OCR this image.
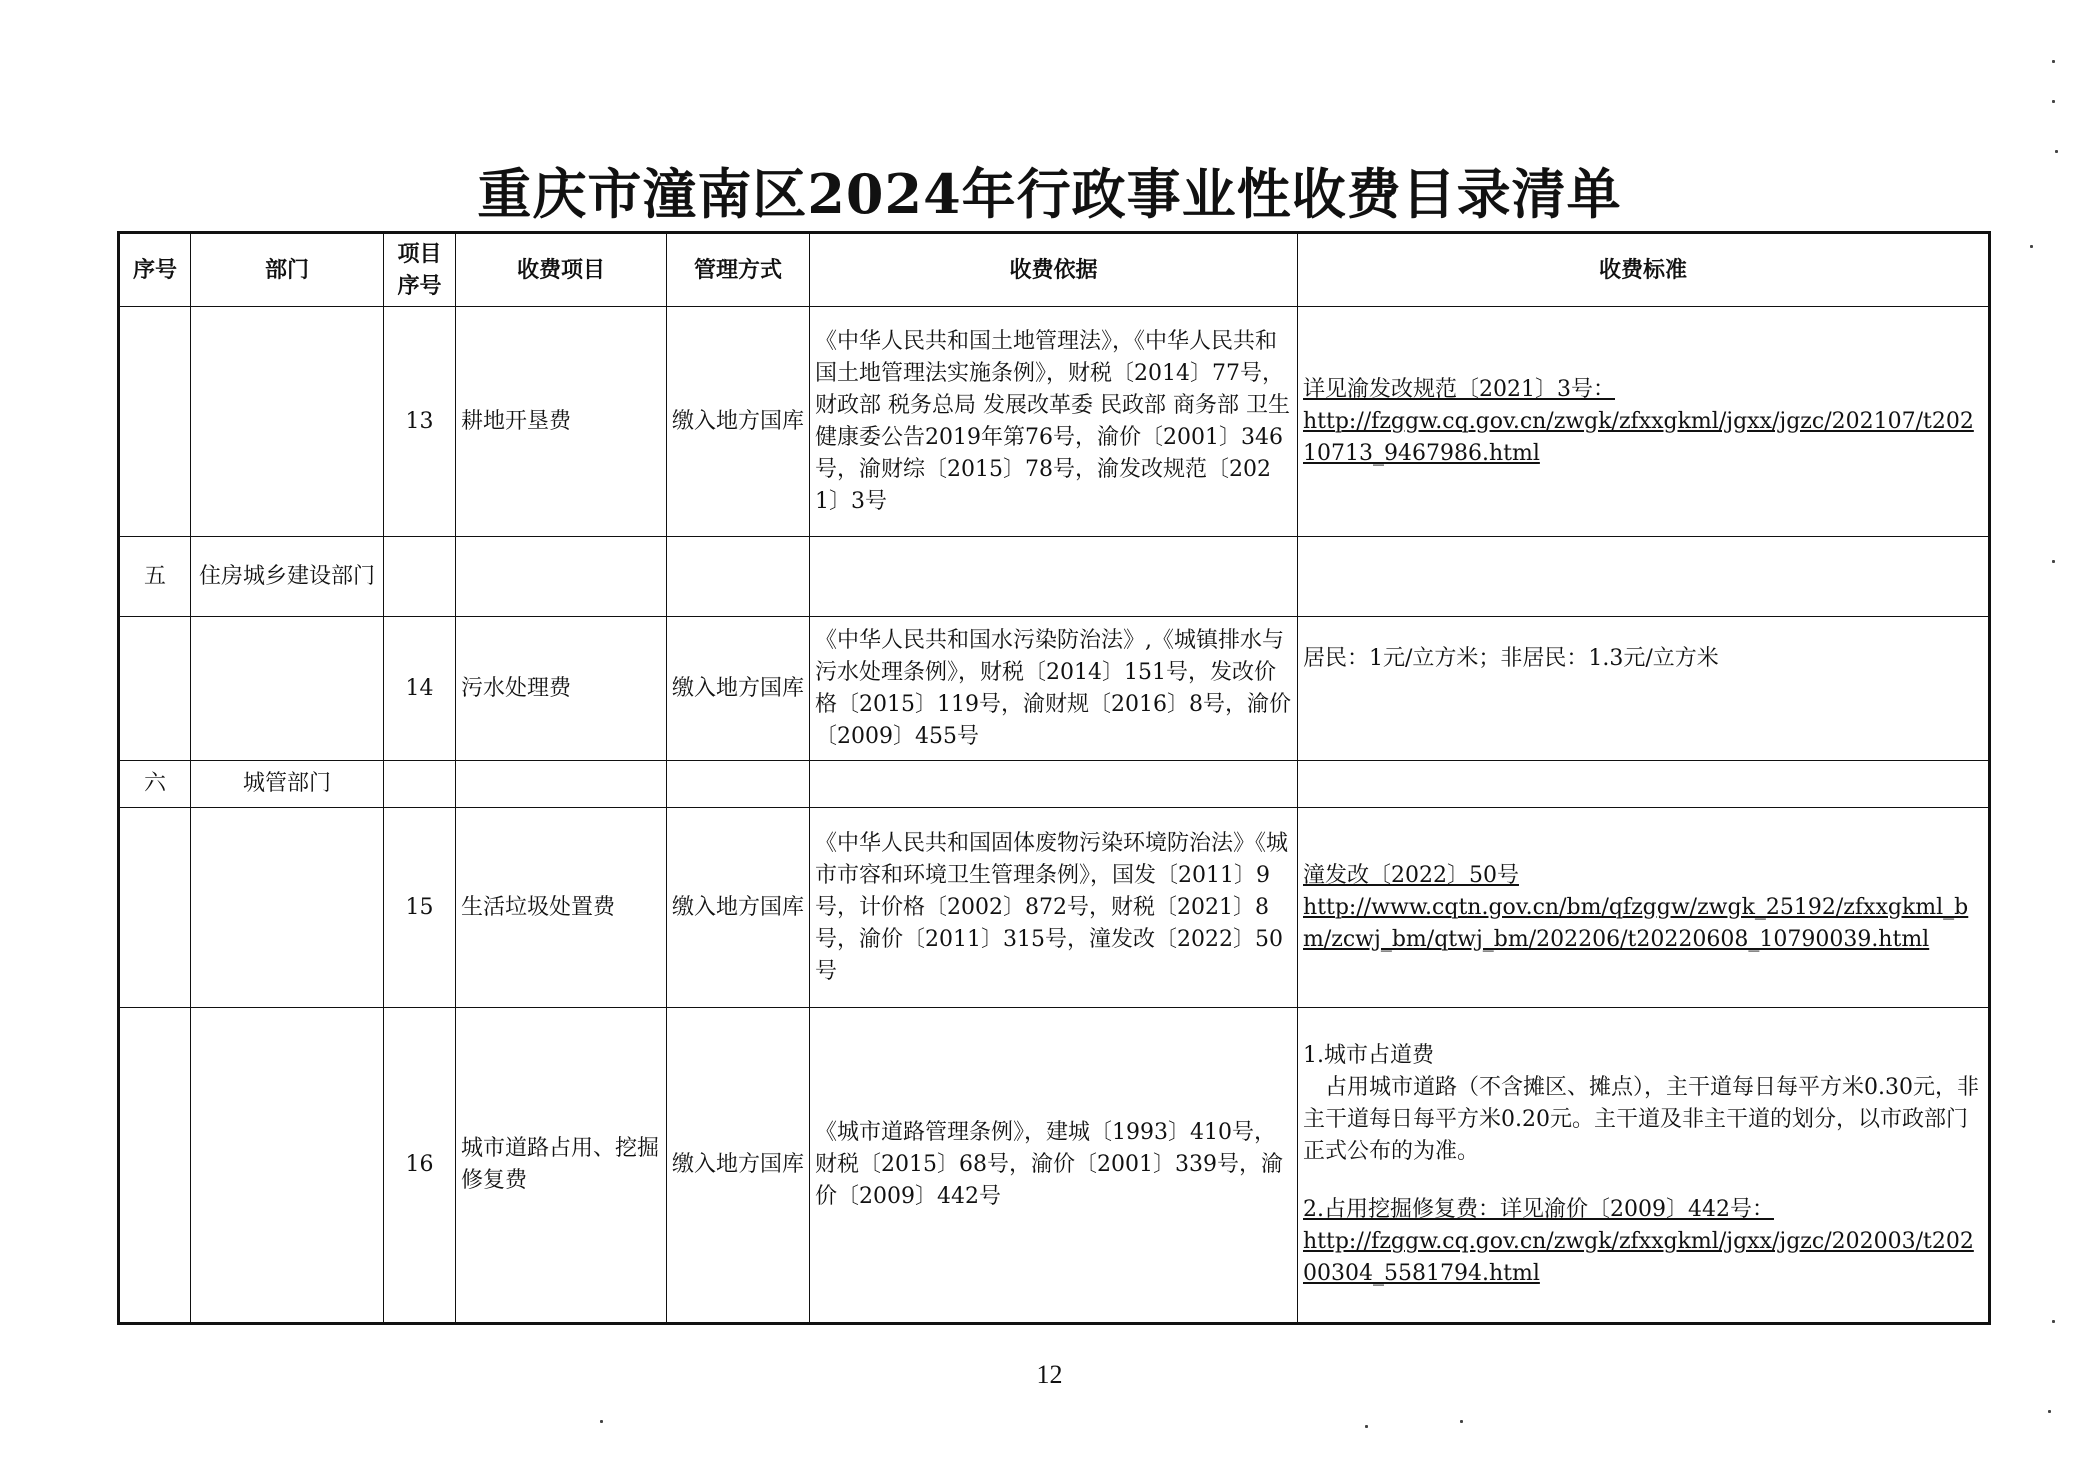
重庆市潼南区2024年行政事业性收费目录清单
序号	部门	项目序号	收费项目	管理方式	收费依据	收费标准
		13	耕地开垦费	缴入地方国库	《中华人民共和国土地管理法》，《中华人民共和国土地管理法实施条例》，财税〔2014〕77号，财政部 税务总局 发展改革委 民政部 商务部 卫生健康委公告2019年第76号，渝价〔2001〕346号，渝财综〔2015〕78号，渝发改规范〔2021〕3号	详见渝发改规范〔2021〕3号：
http://fzggw.cq.gov.cn/zwgk/zfxxgkml/jgxx/jgzc/202107/t20210713_9467986.html
五	住房城乡建设部门					
		14	污水处理费	缴入地方国库	《中华人民共和国水污染防治法》,《城镇排水与污水处理条例》，财税〔2014〕151号，发改价格〔2015〕119号，渝财规〔2016〕8号，渝价〔2009〕455号	居民：1元/立方米；非居民：1.3元/立方米
六	城管部门					
		15	生活垃圾处置费	缴入地方国库	《中华人民共和国固体废物污染环境防治法》《城市市容和环境卫生管理条例》，国发〔2011〕9号，计价格〔2002〕872号，财税〔2021〕8号，渝价〔2011〕315号，潼发改〔2022〕50号	潼发改〔2022〕50号
http://www.cqtn.gov.cn/bm/qfzggw/zwgk_25192/zfxxgkml_bm/zcwj_bm/qtwj_bm/202206/t20220608_10790039.html
		16	城市道路占用、挖掘修复费	缴入地方国库	《城市道路管理条例》，建城〔1993〕410号，财税〔2015〕68号，渝价〔2001〕339号，渝价〔2009〕442号	1.城市占道费

占用城市道路（不含摊区、摊点），主干道每日每平方米0.30元，非主干道每日每平方米0.20元。主干道及非主干道的划分，以市政部门正式公布的为准。
2.占用挖掘修复费：详见渝价〔2009〕442号：
http://fzggw.cq.gov.cn/zwgk/zfxxgkml/jgxx/jgzc/202003/t20200304_5581794.html
12
